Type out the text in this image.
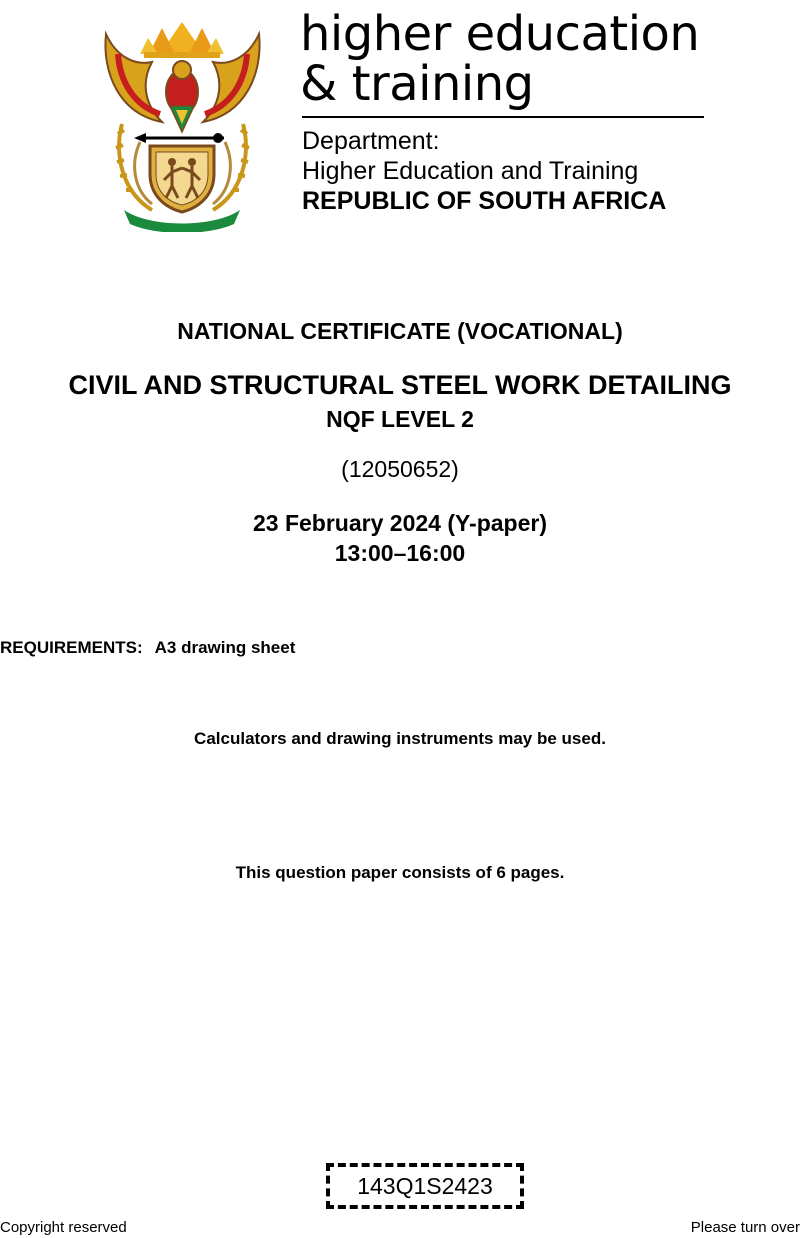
higher education
& training
Department:
Higher Education and Training
REPUBLIC OF SOUTH AFRICA
NATIONAL CERTIFICATE (VOCATIONAL)
CIVIL AND STRUCTURAL STEEL WORK DETAILING
NQF LEVEL 2
(12050652)
23 February 2024 (Y-paper)
13:00–16:00
REQUIREMENTS: A3 drawing sheet
Calculators and drawing instruments may be used.
This question paper consists of 6 pages.
143Q1S2423
Copyright reserved	Please turn over
